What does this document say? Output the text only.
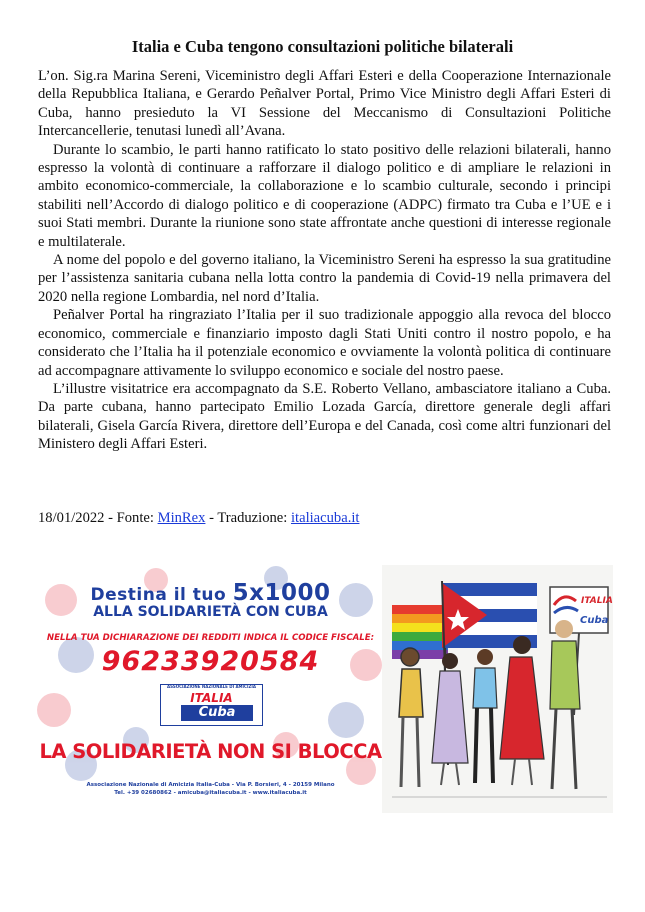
Italia e Cuba tengono consultazioni politiche bilaterali

L’on. Sig.ra Marina Sereni, Viceministro degli Affari Esteri e della Cooperazione Internazionale della Repubblica Italiana, e Gerardo Peñalver Portal, Primo Vice Ministro degli Affari Esteri di Cuba, hanno presieduto la VI Sessione del Meccanismo di Consultazioni Politiche Intercancellerie, tenutasi lunedì all’Avana.

Durante lo scambio, le parti hanno ratificato lo stato positivo delle relazioni bilaterali, hanno espresso la volontà di continuare a rafforzare il dialogo politico e di ampliare le relazioni in ambito economico-commerciale, la collaborazione e lo scambio culturale, secondo i principi stabiliti nell’Accordo di dialogo politico e di cooperazione (ADPC) firmato tra Cuba e l’UE e i suoi Stati membri. Durante la riunione sono state affrontate anche questioni di interesse regionale e multilaterale.

A nome del popolo e del governo italiano, la Viceministro Sereni ha espresso la sua gratitudine per l’assistenza sanitaria cubana nella lotta contro la pandemia di Covid-19 nella primavera del 2020 nella regione Lombardia, nel nord d’Italia.

Peñalver Portal ha ringraziato l’Italia per il suo tradizionale appoggio alla revoca del blocco economico, commerciale e finanziario imposto dagli Stati Uniti contro il nostro popolo, e ha considerato che l’Italia ha il potenziale economico e ovviamente la volontà politica di continuare ad accompagnare attivamente lo sviluppo economico e sociale del nostro paese.

L’illustre visitatrice era accompagnato da S.E. Roberto Vellano, ambasciatore italiano a Cuba. Da parte cubana, hanno partecipato Emilio Lozada García, direttore generale degli affari bilaterali, Gisela García Rivera, direttore dell’Europa e del Canada, così come altri funzionari del Ministero degli Affari Esteri.

18/01/2022 - Fonte: MinRex - Traduzione: italiacuba.it
Destina il tuo 5x1000
ALLA SOLIDARIETÀ CON CUBA
NELLA TUA DICHIARAZIONE DEI REDDITI INDICA IL CODICE FISCALE:
96233920584
ASSOCIAZIONE NAZIONALE DI AMICIZIA
ITALIA
Cuba
LA SOLIDARIETÀ NON SI BLOCCA
Associazione Nazionale di Amicizia Italia-Cuba - Via P. Borsieri, 4 - 20159 Milano
Tel. +39 02680862 - amicuba@italiacuba.it - www.italiacuba.it
ITALIA
Cuba
